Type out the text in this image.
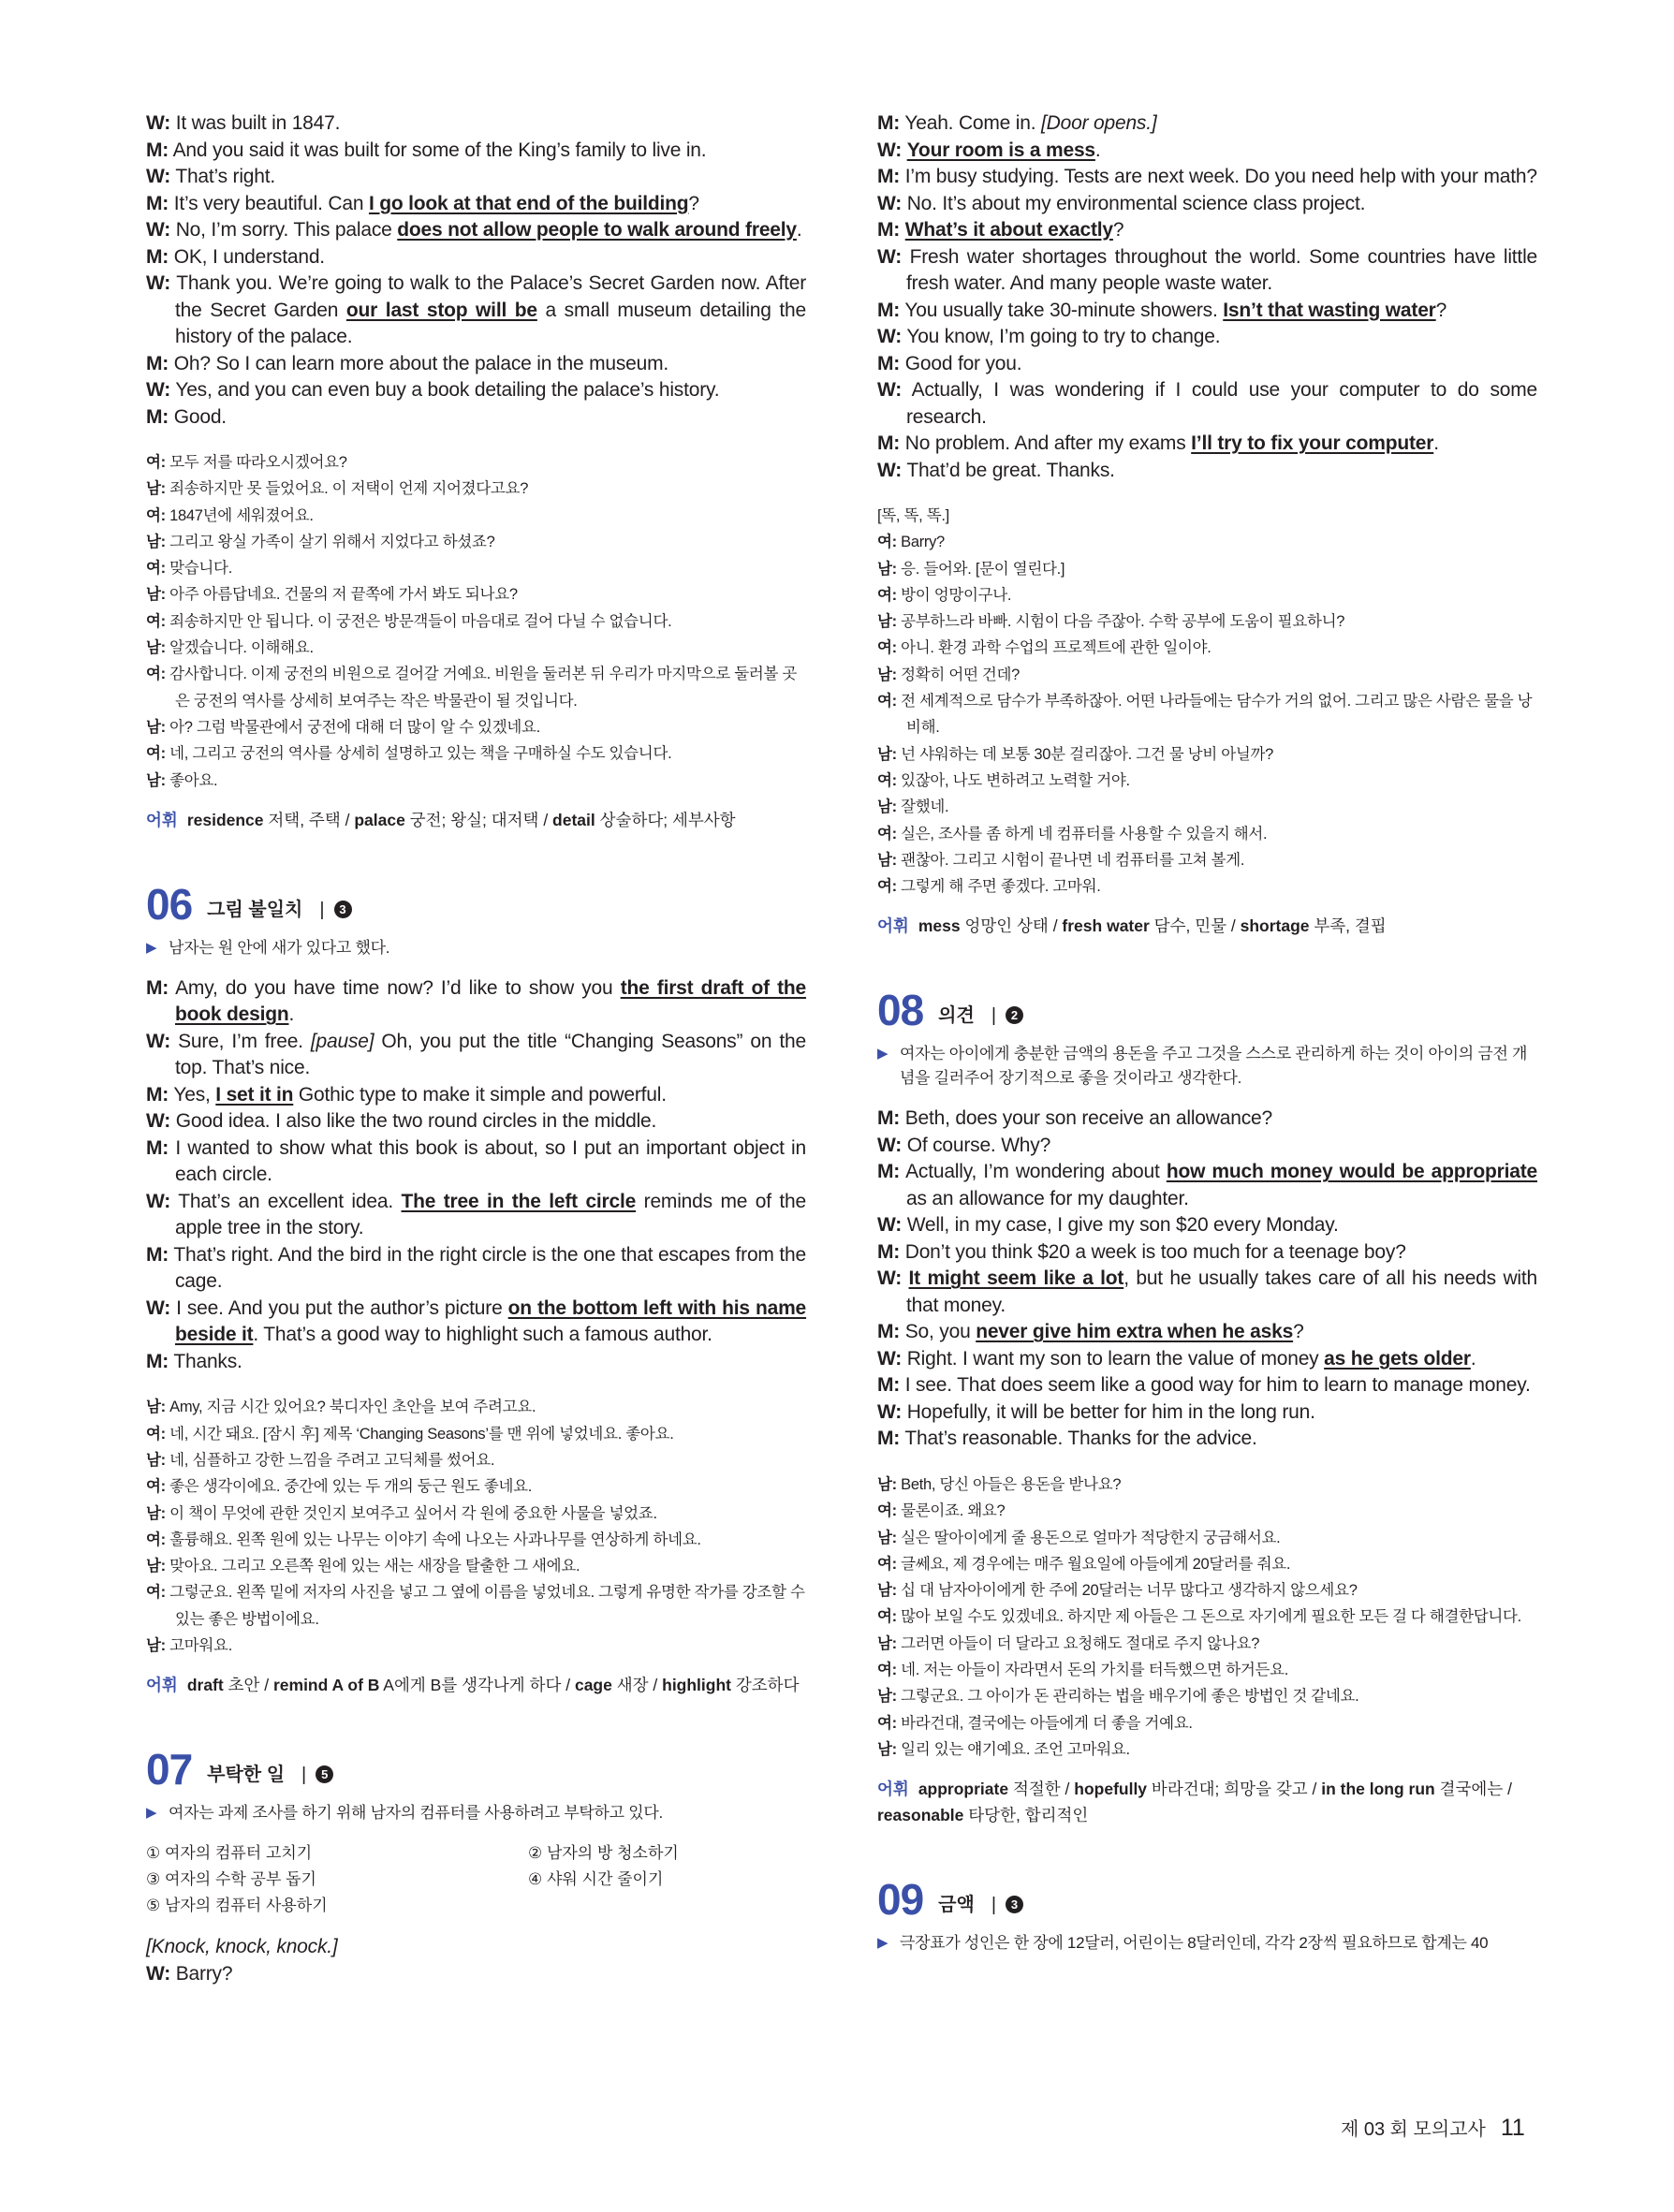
W: It was built in 1847.

M: And you said it was built for some of the King’s family to live in.

W: That’s right.

M: It’s very beautiful. Can I go look at that end of the building?

W: No, I’m sorry. This palace does not allow people to walk around freely.

M: OK, I understand.

W: Thank you. We’re going to walk to the Palace’s Secret Garden now. After the Secret Garden our last stop will be a small museum detailing the history of the palace.

M: Oh? So I can learn more about the palace in the museum.

W: Yes, and you can even buy a book detailing the palace’s history.

M: Good.

여: 모두 저를 따라오시겠어요?

남: 죄송하지만 못 들었어요. 이 저택이 언제 지어졌다고요?

여: 1847년에 세워졌어요.

남: 그리고 왕실 가족이 살기 위해서 지었다고 하셨죠?

여: 맞습니다.

남: 아주 아름답네요. 건물의 저 끝쪽에 가서 봐도 되나요?

여: 죄송하지만 안 됩니다. 이 궁전은 방문객들이 마음대로 걸어 다닐 수 없습니다.

남: 알겠습니다. 이해해요.

여: 감사합니다. 이제 궁전의 비원으로 걸어갈 거예요. 비원을 둘러본 뒤 우리가 마지막으로 둘러볼 곳은 궁전의 역사를 상세히 보여주는 작은 박물관이 될 것입니다.

남: 아? 그럼 박물관에서 궁전에 대해 더 많이 알 수 있겠네요.

여: 네, 그리고 궁전의 역사를 상세히 설명하고 있는 책을 구매하실 수도 있습니다.

남: 좋아요.

어휘 residence 저택, 주택 / palace 궁전; 왕실; 대저택 / detail 상술하다; 세부사항
06 그림 불일치 |	3
▶ 남자는 원 안에 새가 있다고 했다.

M: Amy, do you have time now? I’d like to show you the first draft of the book design.

W: Sure, I’m free. [pause] Oh, you put the title “Changing Seasons” on the top. That’s nice.

M: Yes, I set it in Gothic type to make it simple and powerful.

W: Good idea. I also like the two round circles in the middle.

M: I wanted to show what this book is about, so I put an important object in each circle.

W: That’s an excellent idea. The tree in the left circle reminds me of the apple tree in the story.

M: That’s right. And the bird in the right circle is the one that escapes from the cage.

W: I see. And you put the author’s picture on the bottom left with his name beside it. That’s a good way to highlight such a famous author.

M: Thanks.

남: Amy, 지금 시간 있어요? 북디자인 초안을 보여 주려고요.

여: 네, 시간 돼요. [잠시 후] 제목 ‘Changing Seasons’를 맨 위에 넣었네요. 좋아요.

남: 네, 심플하고 강한 느낌을 주려고 고딕체를 썼어요.

여: 좋은 생각이에요. 중간에 있는 두 개의 둥근 원도 좋네요.

남: 이 책이 무엇에 관한 것인지 보여주고 싶어서 각 원에 중요한 사물을 넣었죠.

여: 훌륭해요. 왼쪽 원에 있는 나무는 이야기 속에 나오는 사과나무를 연상하게 하네요.

남: 맞아요. 그리고 오른쪽 원에 있는 새는 새장을 탈출한 그 새에요.

여: 그렇군요. 왼쪽 밑에 저자의 사진을 넣고 그 옆에 이름을 넣었네요. 그렇게 유명한 작가를 강조할 수 있는 좋은 방법이에요.

남: 고마워요.

어휘 draft 초안 / remind A of B A에게 B를 생각나게 하다 / cage 새장 / highlight 강조하다
07 부탁한 일 |	5
▶ 여자는 과제 조사를 하기 위해 남자의 컴퓨터를 사용하려고 부탁하고 있다.
① 여자의 컴퓨터 고치기	② 남자의 방 청소하기
③ 여자의 수학 공부 돕기	④ 샤워 시간 줄이기
⑤ 남자의 컴퓨터 사용하기

[Knock, knock, knock.]

W: Barry?

M: Yeah. Come in. [Door opens.]

W: Your room is a mess.

M: I’m busy studying. Tests are next week. Do you need help with your math?

W: No. It’s about my environmental science class project.

M: What’s it about exactly?

W: Fresh water shortages throughout the world. Some countries have little fresh water. And many people waste water.

M: You usually take 30-minute showers. Isn’t that wasting water?

W: You know, I’m going to try to change.

M: Good for you.

W: Actually, I was wondering if I could use your computer to do some research.

M: No problem. And after my exams I’ll try to fix your computer.

W: That’d be great. Thanks.

[똑, 똑, 똑.]

여: Barry?

남: 응. 들어와. [문이 열린다.]

여: 방이 엉망이구나.

남: 공부하느라 바빠. 시험이 다음 주잖아. 수학 공부에 도움이 필요하니?

여: 아니. 환경 과학 수업의 프로젝트에 관한 일이야.

남: 정확히 어떤 건데?

여: 전 세계적으로 담수가 부족하잖아. 어떤 나라들에는 담수가 거의 없어. 그리고 많은 사람은 물을 낭비해.

남: 넌 샤워하는 데 보통 30분 걸리잖아. 그건 물 낭비 아닐까?

여: 있잖아, 나도 변하려고 노력할 거야.

남: 잘했네.

여: 실은, 조사를 좀 하게 네 컴퓨터를 사용할 수 있을지 해서.

남: 괜찮아. 그리고 시험이 끝나면 네 컴퓨터를 고쳐 볼게.

여: 그렇게 해 주면 좋겠다. 고마워.

어휘 mess 엉망인 상태 / fresh water 담수, 민물 / shortage 부족, 결핍
08 의견 |	2
▶ 여자는 아이에게 충분한 금액의 용돈을 주고 그것을 스스로 관리하게 하는 것이 아이의 금전 개념을 길러주어 장기적으로 좋을 것이라고 생각한다.

M: Beth, does your son receive an allowance?

W: Of course. Why?

M: Actually, I’m wondering about how much money would be appropriate as an allowance for my daughter.

W: Well, in my case, I give my son $20 every Monday.

M: Don’t you think $20 a week is too much for a teenage boy?

W: It might seem like a lot, but he usually takes care of all his needs with that money.

M: So, you never give him extra when he asks?

W: Right. I want my son to learn the value of money as he gets older.

M: I see. That does seem like a good way for him to learn to manage money.

W: Hopefully, it will be better for him in the long run.

M: That’s reasonable. Thanks for the advice.

남: Beth, 당신 아들은 용돈을 받나요?

여: 물론이죠. 왜요?

남: 실은 딸아이에게 줄 용돈으로 얼마가 적당한지 궁금해서요.

여: 글쎄요, 제 경우에는 매주 월요일에 아들에게 20달러를 줘요.

남: 십 대 남자아이에게 한 주에 20달러는 너무 많다고 생각하지 않으세요?

여: 많아 보일 수도 있겠네요. 하지만 제 아들은 그 돈으로 자기에게 필요한 모든 걸 다 해결한답니다.

남: 그러면 아들이 더 달라고 요청해도 절대로 주지 않나요?

여: 네. 저는 아들이 자라면서 돈의 가치를 터득했으면 하거든요.

남: 그렇군요. 그 아이가 돈 관리하는 법을 배우기에 좋은 방법인 것 같네요.

여: 바라건대, 결국에는 아들에게 더 좋을 거예요.

남: 일리 있는 얘기예요. 조언 고마워요.

어휘 appropriate 적절한 / hopefully 바라건대; 희망을 갖고 / in the long run 결국에는 / reasonable 타당한, 합리적인
09 금액 |	3
▶ 극장표가 성인은 한 장에 12달러, 어린이는 8달러인데, 각각 2장씩 필요하므로 합계는 40
제 03 회 모의고사 11
